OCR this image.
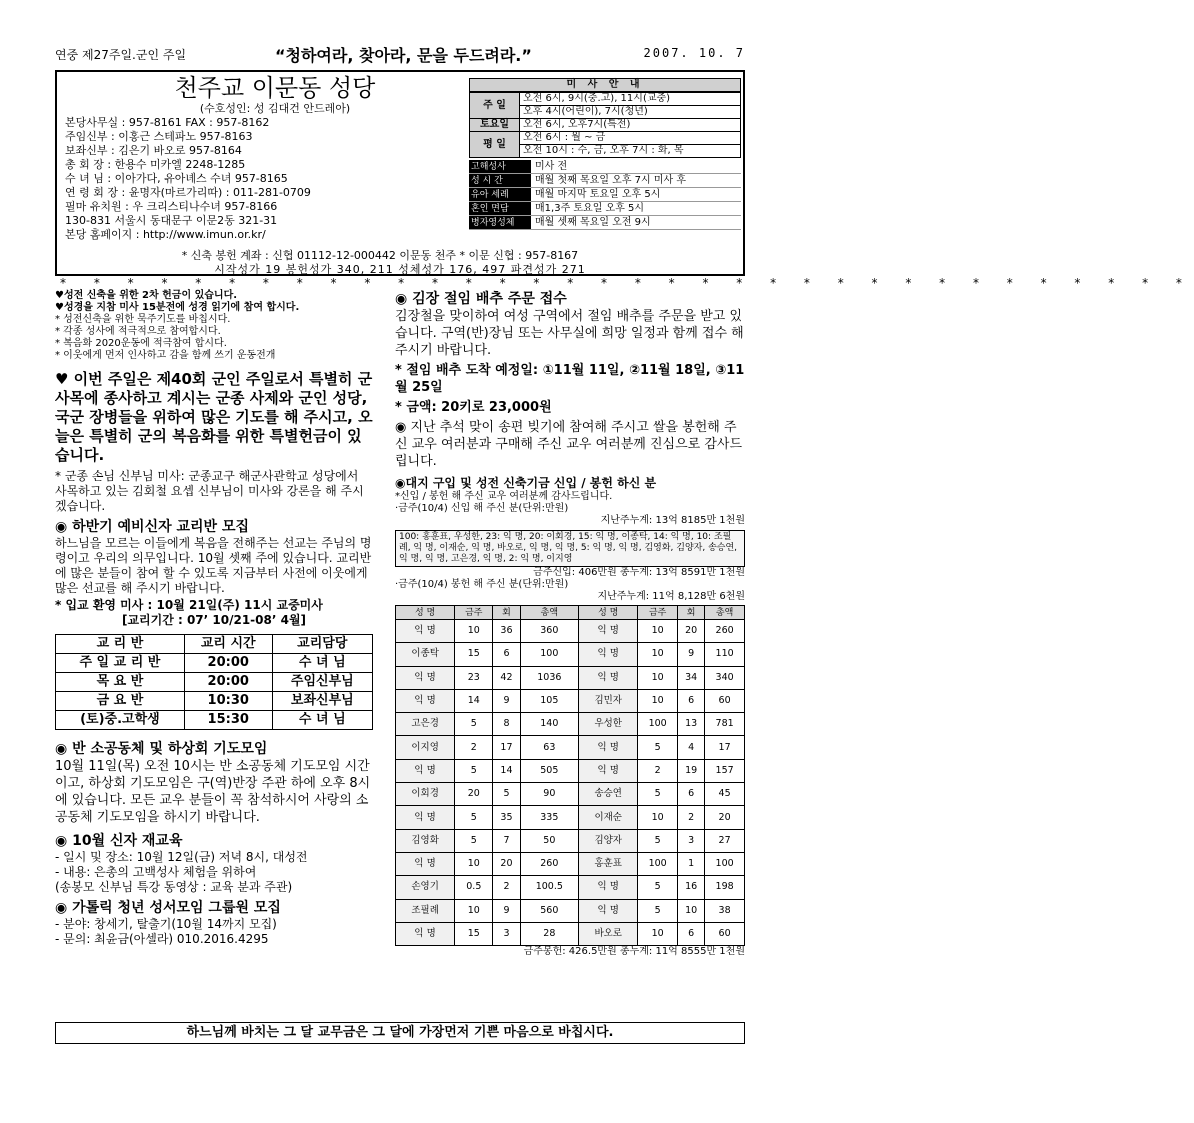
연중 제27주일.군인 주일	“청하여라, 찾아라, 문을 두드려라.”	2007. 10. 7
천주교 이문동 성당
(수호성인: 성 김대건 안드레아)
본당사무실 : 957-8161 FAX : 957-8162
주임신부 : 이홍근 스테파노 957-8163
보좌신부 : 김은기 바오로 957-8164
총 회 장 : 한용수 미카엘 2248-1285
수 녀 님 : 이아가다, 유아녜스 수녀 957-8165
연 령 회 장 : 윤명자(마르가리따) : 011-281-0709
필마 유치원 : 우 크리스티나수녀 957-8166
130-831 서울시 동대문구 이문2동 321-31
본당 홈페이지 : http://www.imun.or.kr/
미 사 안 내
주 일	오전 6시, 9시(중.고), 11시(교중)
	오후 4시(어린이), 7시(청년)
토요일	오전 6시, 오후7시(특전)
평 일	오전 6시 : 월 ~ 금
	오전 10시 : 수, 금, 오후 7시 : 화, 목
고해성사	미사 전
성 시 간	매월 첫째 목요일 오후 7시 미사 후
유아 세례	매월 마지막 토요일 오후 5시
혼인 면담	매1,3주 토요일 오후 5시
병자영성체	매월 셋째 목요일 오전 9시
* 신축 봉헌 계좌 : 신협 01112-12-000442 이문동 천주 * 이문 신협 : 957-8167
시작성가 19 봉헌성가 340, 211 성체성가 176, 497 파견성가 271
* * * * * * * * * * * * * * * * * * * * * * * * * * * * * * * * * *
♥성전 신축을 위한 2차 헌금이 있습니다.
♥성경을 지참 미사 15분전에 성경 읽기에 참여 합시다.
* 성전신축을 위한 묵주기도를 바칩시다.
* 각종 성사에 적극적으로 참여합시다.
* 복음화 2020운동에 적극참여 합시다.
* 이웃에게 먼저 인사하고 감을 함께 쓰기 운동전개
♥ 이번 주일은 제40회 군인 주일로서 특별히 군 사목에 종사하고 계시는 군종 사제와 군인 성당, 국군 장병들을 위하여 많은 기도를 해 주시고, 오늘은 특별히 군의 복음화를 위한 특별헌금이 있습니다.
* 군종 손님 신부님 미사: 군종교구 해군사관학교 성당에서 사목하고 있는 김회철 요셉 신부님이 미사와 강론을 해 주시겠습니다.
◉ 하반기 예비신자 교리반 모집
하느님을 모르는 이들에게 복음을 전해주는 선교는 주님의 명령이고 우리의 의무입니다. 10월 셋째 주에 있습니다. 교리반에 많은 분들이 참여 할 수 있도록 지금부터 사전에 이웃에게 많은 선교를 해 주시기 바랍니다.
* 입교 환영 미사 : 10월 21일(주) 11시 교중미사
[교리기간 : 07’ 10/21-08’ 4월]
교 리 반	교리 시간	교리담당
주 일 교 리 반	20:00	수 녀 님
목 요 반	20:00	주임신부님
금 요 반	10:30	보좌신부님
(토)중.고학생	15:30	수 녀 님
◉ 반 소공동체 및 하상회 기도모임
10월 11일(목) 오전 10시는 반 소공동체 기도모임 시간이고, 하상회 기도모임은 구(역)반장 주관 하에 오후 8시에 있습니다. 모든 교우 분들이 꼭 참석하시어 사랑의 소공동체 기도모임을 하시기 바랍니다.
◉ 10월 신자 재교육
- 일시 및 장소: 10월 12일(금) 저녁 8시, 대성전
- 내용: 은총의 고백성사 체험을 위하여
(송봉모 신부님 특강 동영상 : 교육 분과 주관)
◉ 가톨릭 청년 성서모임 그룹원 모집
- 분야: 창세기, 탈출기(10월 14까지 모집)
- 문의: 최윤금(아셀라) 010.2016.4295
◉ 김장 절임 배추 주문 접수
김장철을 맞이하여 여성 구역에서 절임 배추를 주문을 받고 있습니다. 구역(반)장님 또는 사무실에 희망 일정과 함께 접수 해 주시기 바랍니다.
* 절임 배추 도착 예정일: ①11월 11일, ②11월 18일, ③11월 25일
* 금액: 20키로 23,000원
◉ 지난 추석 맞이 송편 빚기에 참여해 주시고 쌀을 봉헌해 주신 교우 여러분과 구매해 주신 교우 여러분께 진심으로 감사드립니다.
◉대지 구입 및 성전 신축기금 신입 / 봉헌 하신 분
*신입 / 봉헌 해 주신 교우 여러분께 감사드립니다.
·금주(10/4) 신입 해 주신 분(단위:만원)
지난주누계: 13억 8185만 1천원
100: 홍훈표, 우성한, 23: 익 명, 20: 이회경, 15: 익 명, 이종탁, 14: 익 명, 10: 조필례, 익 명, 이재순, 익 명, 바오로, 익 명, 익 명, 5: 익 명, 익 명, 김영화, 김양자, 송승연, 익 명, 익 명, 고은경, 익 명, 2: 익 명, 이지영
금주신입: 406만원 총누계: 13억 8591만 1천원
·금주(10/4) 봉헌 해 주신 분(단위:만원)
지난주누계: 11억 8,128만 6천원
성 명	금주	회	총액	성 명	금주	회	총액
익 명	10	36	360	익 명	10	20	260
이종탁	15	6	100	익 명	10	9	110
익 명	23	42	1036	익 명	10	34	340
익 명	14	9	105	김민자	10	6	60
고은경	5	8	140	우성한	100	13	781
이지영	2	17	63	익 명	5	4	17
익 명	5	14	505	익 명	2	19	157
이회경	20	5	90	송승연	5	6	45
익 명	5	35	335	이재순	10	2	20
김영화	5	7	50	김양자	5	3	27
익 명	10	20	260	홍훈표	100	1	100
손영기	0.5	2	100.5	익 명	5	16	198
조필례	10	9	560	익 명	5	10	38
익 명	15	3	28	바오로	10	6	60
금주봉헌: 426.5만원 총누계: 11억 8555만 1천원
하느님께 바치는 그 달 교무금은 그 달에 가장먼저 기쁜 마음으로 바칩시다.
